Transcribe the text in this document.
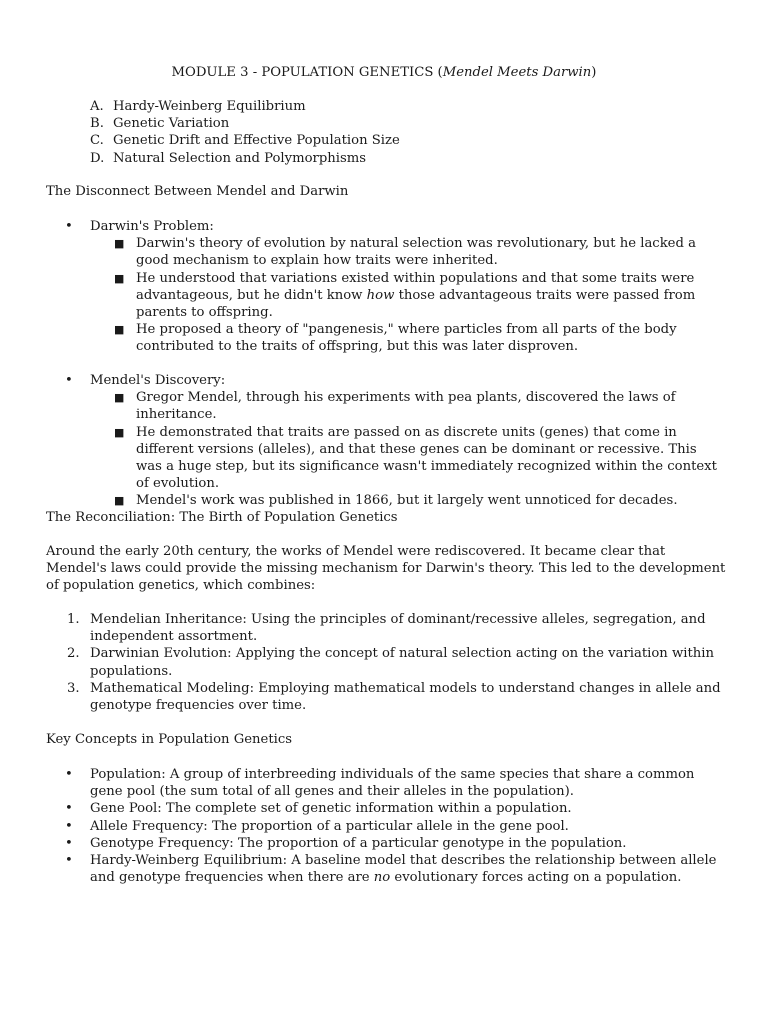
MODULE 3 - POPULATION GENETICS (Mendel Meets Darwin)
A. Hardy-Weinberg Equilibrium
B. Genetic Variation
C. Genetic Drift and Effective Population Size
D. Natural Selection and Polymorphisms

The Disconnect Between Mendel and Darwin

• Darwin's Problem:
■ Darwin's theory of evolution by natural selection was revolutionary, but he lacked a good mechanism to explain how traits were inherited.
■ He understood that variations existed within populations and that some traits were advantageous, but he didn't know how those advantageous traits were passed from parents to offspring.
■ He proposed a theory of "pangenesis," where particles from all parts of the body contributed to the traits of offspring, but this was later disproven.
• Mendel's Discovery:
■ Gregor Mendel, through his experiments with pea plants, discovered the laws of inheritance.
■ He demonstrated that traits are passed on as discrete units (genes) that come in different versions (alleles), and that these genes can be dominant or recessive. This was a huge step, but its significance wasn't immediately recognized within the context of evolution.
■ Mendel's work was published in 1866, but it largely went unnoticed for decades.

The Reconciliation: The Birth of Population Genetics

Around the early 20th century, the works of Mendel were rediscovered. It became clear that Mendel's laws could provide the missing mechanism for Darwin's theory. This led to the development of population genetics, which combines:

1. Mendelian Inheritance: Using the principles of dominant/recessive alleles, segregation, and independent assortment.
2. Darwinian Evolution: Applying the concept of natural selection acting on the variation within populations.
3. Mathematical Modeling: Employing mathematical models to understand changes in allele and genotype frequencies over time.

Key Concepts in Population Genetics

• Population: A group of interbreeding individuals of the same species that share a common gene pool (the sum total of all genes and their alleles in the population).
• Gene Pool: The complete set of genetic information within a population.
• Allele Frequency: The proportion of a particular allele in the gene pool.
• Genotype Frequency: The proportion of a particular genotype in the population.
• Hardy-Weinberg Equilibrium: A baseline model that describes the relationship between allele and genotype frequencies when there are no evolutionary forces acting on a population.
